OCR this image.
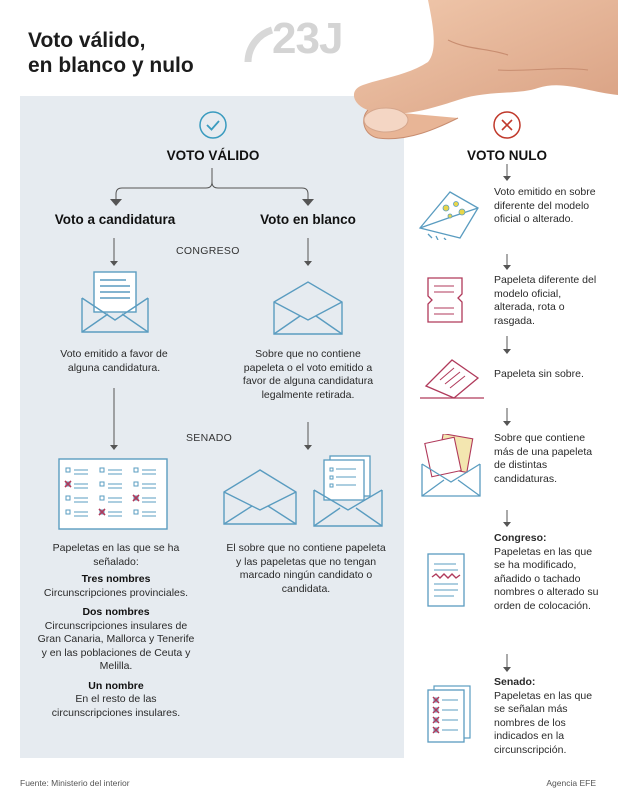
Voto válido,
en blanco y nulo
23J
VOTO VÁLIDO
Voto a candidatura	Voto en blanco
CONGRESO
Voto emitido a favor de alguna candidatura.
Sobre que no contiene papeleta o el voto emitido a favor de alguna candidatura legalmente retirada.
SENADO
Papeletas en las que se ha señalado:
Tres nombres
Circunscripciones provinciales.
Dos nombres
Circunscripciones insulares de Gran Canaria, Mallorca y Tenerife y en las poblaciones de Ceuta y Melilla.
Un nombre
En el resto de las circunscripciones insulares.
El sobre que no contiene papeleta y las papeletas que no tengan marcado ningún candidato o candidata.
VOTO NULO
Voto emitido en sobre diferente del modelo oficial o alterado.
Papeleta diferente del modelo oficial, alterada, rota o rasgada.
Papeleta sin sobre.
Sobre que contiene más de una papeleta de distintas candidaturas.
Congreso:
Papeletas en las que se ha modificado, añadido o tachado nombres o alterado su orden de colocación.
Senado:
Papeletas en las que se señalan más nombres de los indicados en la circunscripción.
Fuente: Ministerio del interior	Agencia EFE
